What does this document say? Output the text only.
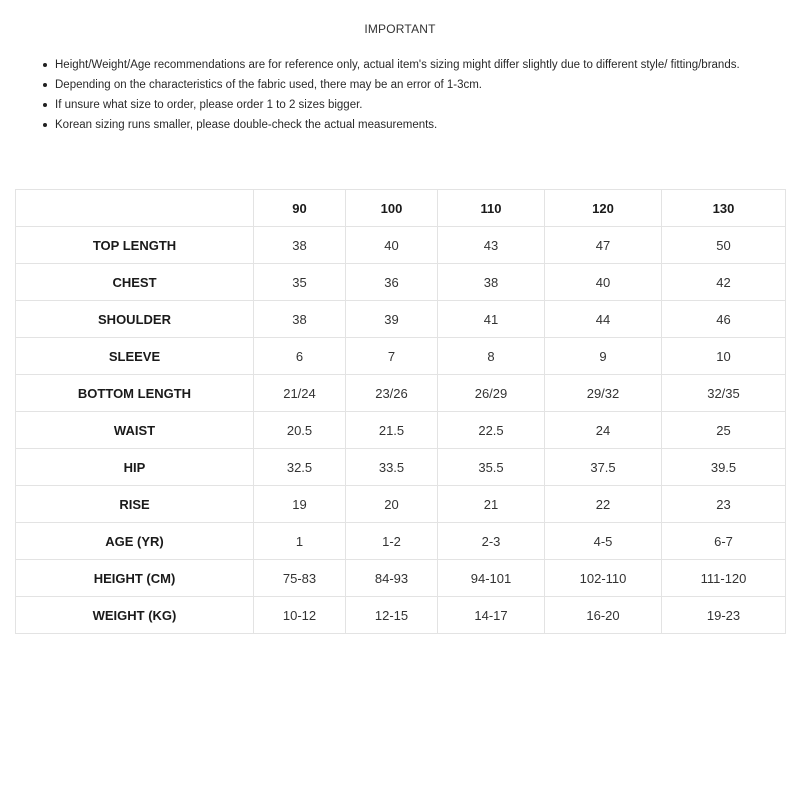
IMPORTANT
Height/Weight/Age recommendations are for reference only, actual item's sizing might differ slightly due to different style/ fitting/brands.
Depending on the characteristics of the fabric used, there may be an error of 1-3cm.
If unsure what size to order, please order 1 to 2 sizes bigger.
Korean sizing runs smaller, please double-check the actual measurements.
	90	100	110	120	130
TOP LENGTH	38	40	43	47	50
CHEST	35	36	38	40	42
SHOULDER	38	39	41	44	46
SLEEVE	6	7	8	9	10
BOTTOM LENGTH	21/24	23/26	26/29	29/32	32/35
WAIST	20.5	21.5	22.5	24	25
HIP	32.5	33.5	35.5	37.5	39.5
RISE	19	20	21	22	23
AGE (YR)	1	1-2	2-3	4-5	6-7
HEIGHT (CM)	75-83	84-93	94-101	102-110	111-120
WEIGHT (KG)	10-12	12-15	14-17	16-20	19-23
